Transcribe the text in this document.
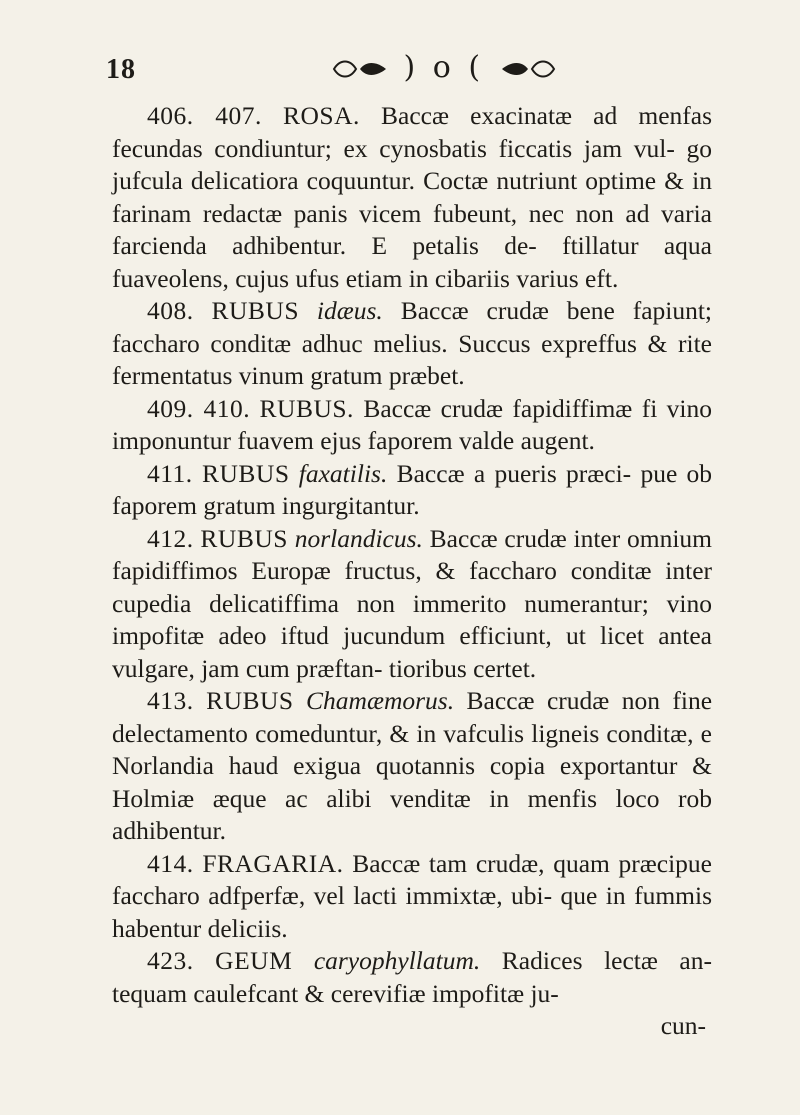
18	) o (

406. 407. ROSA. Baccæ exacinatæ ad menfas fecundas condiuntur; ex cynosbatis ficcatis jam vul- go jufcula delicatiora coquuntur. Coctæ nutriunt optime & in farinam redactæ panis vicem fubeunt, nec non ad varia farcienda adhibentur. E petalis de- ftillatur aqua fuaveolens, cujus ufus etiam in cibariis varius eft.

408. RUBUS idæus. Baccæ crudæ bene fapiunt; faccharo conditæ adhuc melius. Succus expreffus & rite fermentatus vinum gratum præbet.

409. 410. RUBUS. Baccæ crudæ fapidiffimæ fi vino imponuntur fuavem ejus faporem valde augent.

411. RUBUS faxatilis. Baccæ a pueris præci- pue ob faporem gratum ingurgitantur.

412. RUBUS norlandicus. Baccæ crudæ inter omnium fapidiffimos Europæ fructus, & faccharo conditæ inter cupedia delicatiffima non immerito numerantur; vino impofitæ adeo iftud jucundum efficiunt, ut licet antea vulgare, jam cum præftan- tioribus certet.

413. RUBUS Chamæmorus. Baccæ crudæ non fine delectamento comeduntur, & in vafculis ligneis conditæ, e Norlandia haud exigua quotannis copia exportantur & Holmiæ æque ac alibi venditæ in menfis loco rob adhibentur.

414. FRAGARIA. Baccæ tam crudæ, quam præcipue faccharo adfperfæ, vel lacti immixtæ, ubi- que in fummis habentur deliciis.

423. GEUM caryophyllatum. Radices lectæ an- tequam caulefcant & cerevifiæ impofitæ ju-

cun-
